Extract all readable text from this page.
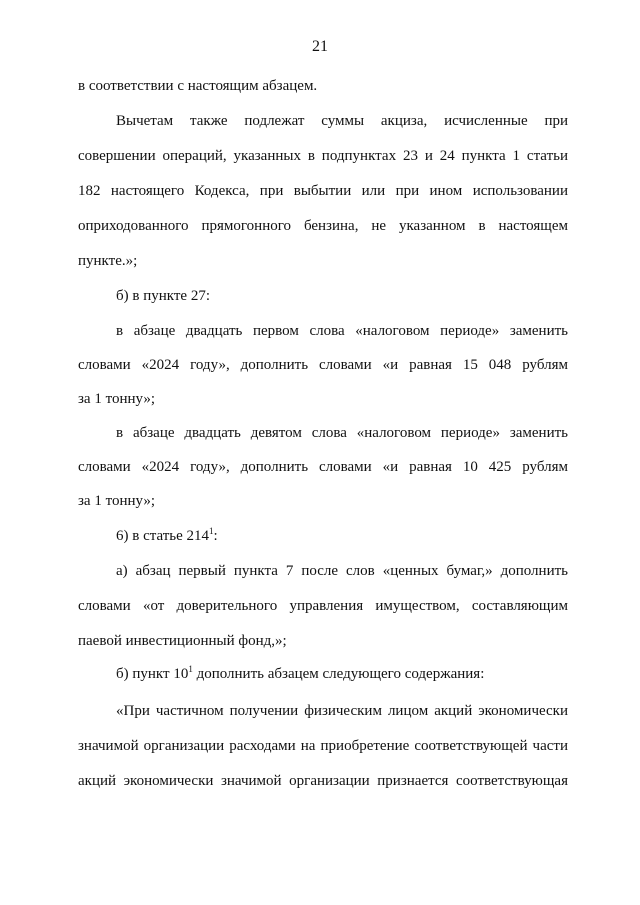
21
в соответствии с настоящим абзацем.
Вычетам также подлежат суммы акциза, исчисленные при
совершении операций, указанных в подпунктах 23 и 24 пункта 1 статьи
182 настоящего Кодекса, при выбытии или при ином использовании
оприходованного прямогонного бензина, не указанном в настоящем
пункте.»;
б) в пункте 27:
в абзаце двадцать первом слова «налоговом периоде» заменить
словами «2024 году», дополнить словами «и равная 15 048 рублям
за 1 тонну»;
в абзаце двадцать девятом слова «налоговом периоде» заменить
словами «2024 году», дополнить словами «и равная 10 425 рублям
за 1 тонну»;
6) в статье $214^1$:
а) абзац первый пункта 7 после слов «ценных бумаг,» дополнить
словами «от доверительного управления имуществом, составляющим
паевой инвестиционный фонд,»;
б) пункт $10^1$ дополнить абзацем следующего содержания:
«При частичном получении физическим лицом акций экономически
значимой организации расходами на приобретение соответствующей части
акций экономически значимой организации признается соответствующая
